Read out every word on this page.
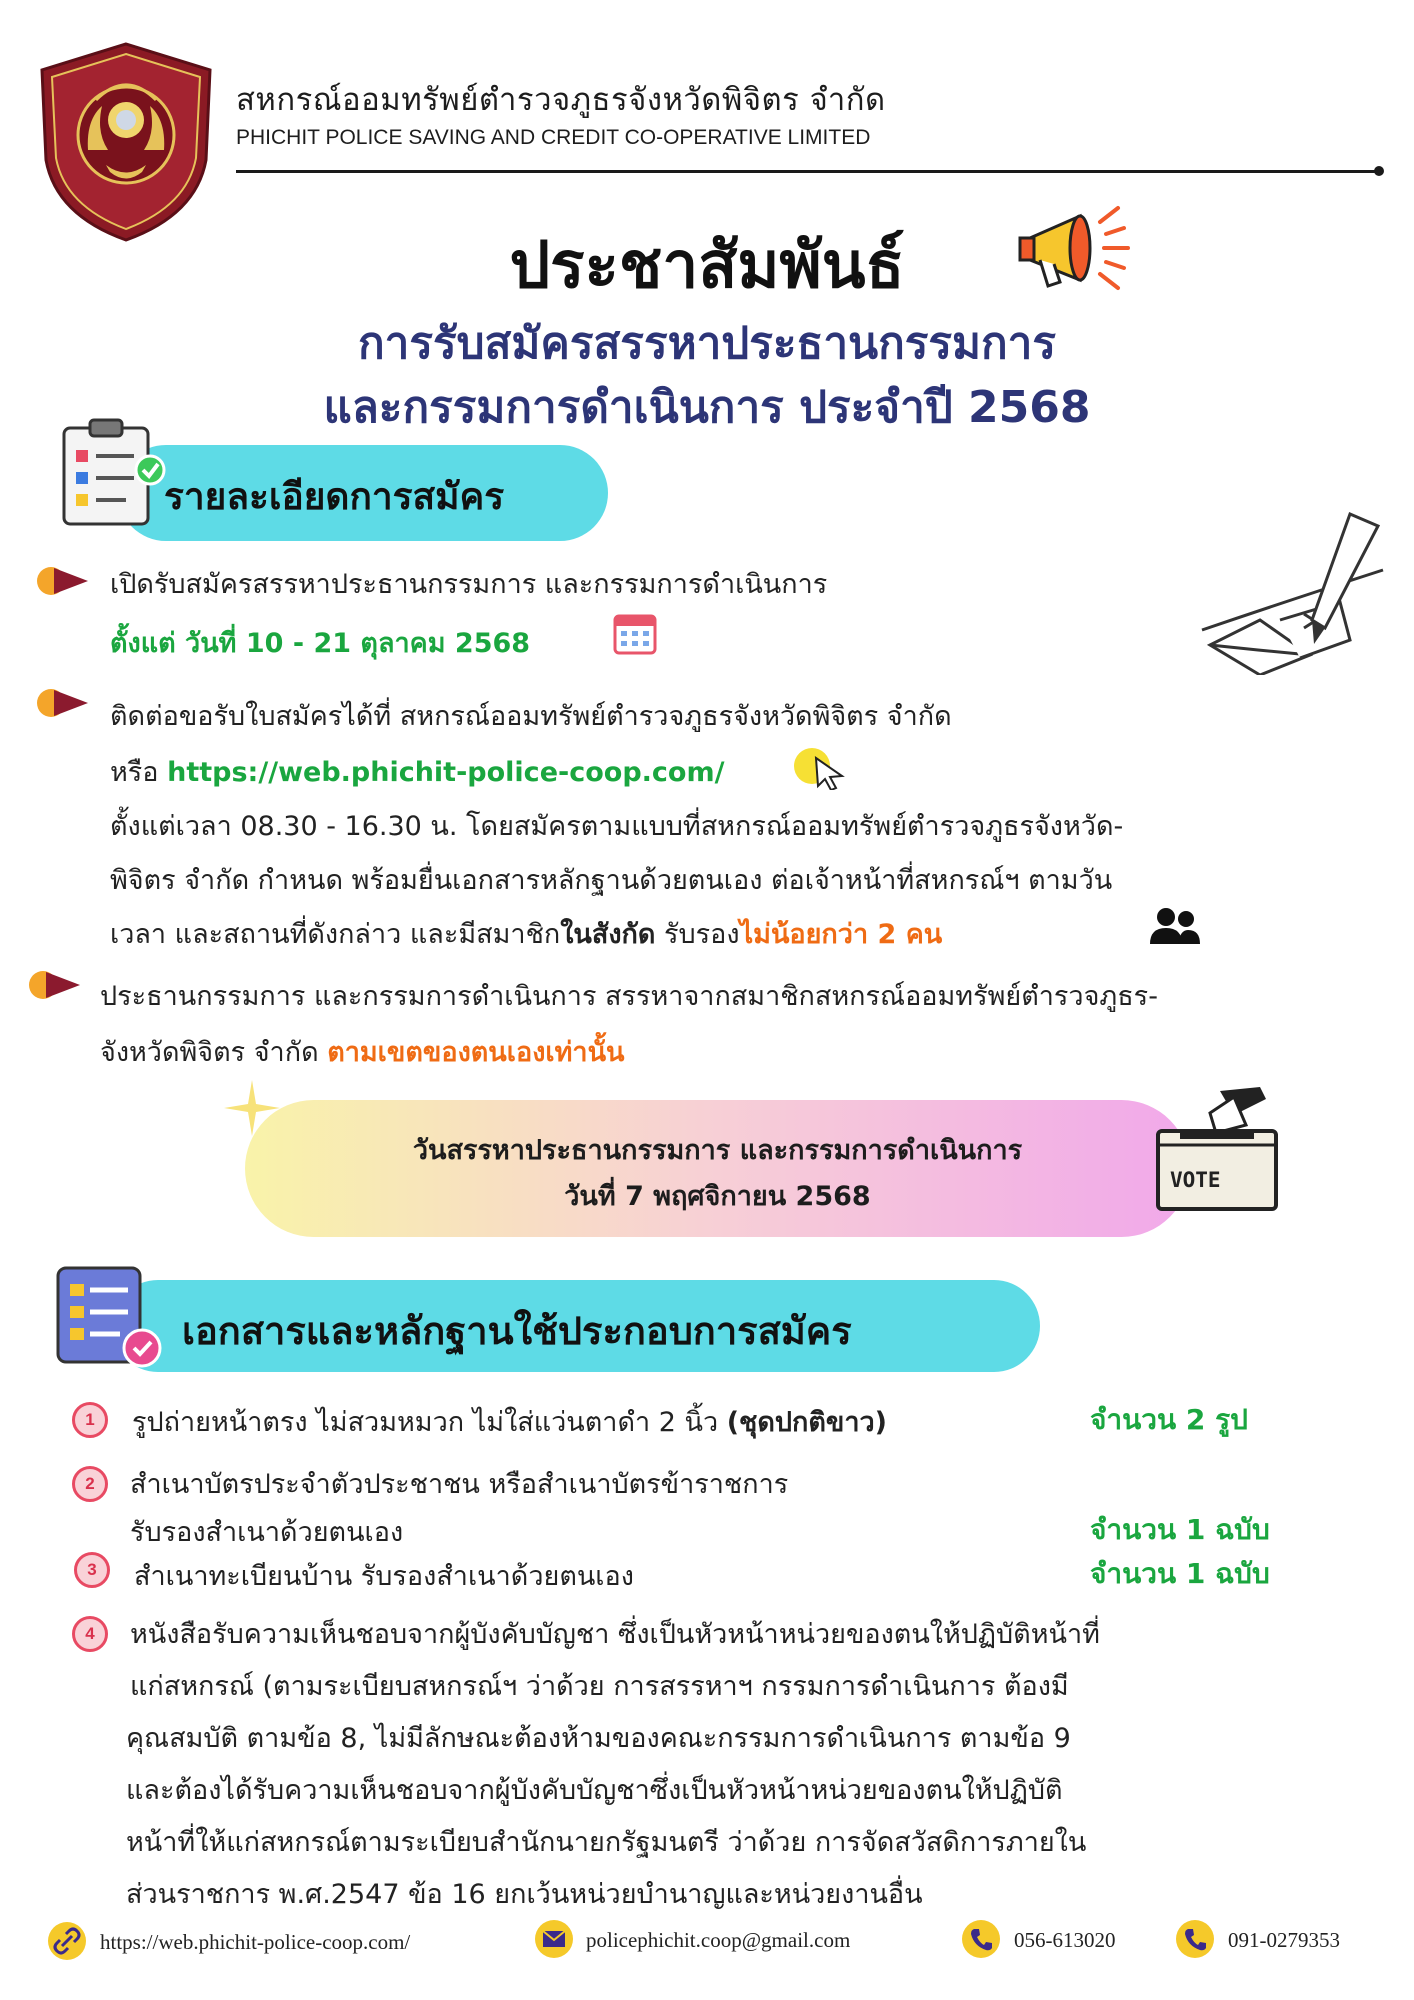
สหกรณ์ออมทรัพย์ตำรวจภูธรจังหวัดพิจิตร จำกัด
PHICHIT POLICE SAVING AND CREDIT CO-OPERATIVE LIMITED
ประชาสัมพันธ์
การรับสมัครสรรหาประธานกรรมการ
และกรรมการดำเนินการ ประจำปี 2568
รายละเอียดการสมัคร
เปิดรับสมัครสรรหาประธานกรรมการ และกรรมการดำเนินการ
ตั้งแต่ วันที่ 10 - 21 ตุลาคม 2568
ติดต่อขอรับใบสมัครได้ที่ สหกรณ์ออมทรัพย์ตำรวจภูธรจังหวัดพิจิตร จำกัด
หรือ https://web.phichit-police-coop.com/
ตั้งแต่เวลา 08.30 - 16.30 น. โดยสมัครตามแบบที่สหกรณ์ออมทรัพย์ตำรวจภูธรจังหวัด-
พิจิตร จำกัด กำหนด พร้อมยื่นเอกสารหลักฐานด้วยตนเอง ต่อเจ้าหน้าที่สหกรณ์ฯ ตามวัน
เวลา และสถานที่ดังกล่าว และมีสมาชิกในสังกัด รับรองไม่น้อยกว่า 2 คน
ประธานกรรมการ และกรรมการดำเนินการ สรรหาจากสมาชิกสหกรณ์ออมทรัพย์ตำรวจภูธร-
จังหวัดพิจิตร จำกัด ตามเขตของตนเองเท่านั้น
วันสรรหาประธานกรรมการ และกรรมการดำเนินการ
วันที่ 7 พฤศจิกายน 2568
VOTE
เอกสารและหลักฐานใช้ประกอบการสมัคร
1	รูปถ่ายหน้าตรง ไม่สวมหมวก ไม่ใส่แว่นตาดำ 2 นิ้ว (ชุดปกติขาว)	จำนวน 2 รูป
2	สำเนาบัตรประจำตัวประชาชน หรือสำเนาบัตรข้าราชการ
รับรองสำเนาด้วยตนเอง	จำนวน 1 ฉบับ
3	สำเนาทะเบียนบ้าน รับรองสำเนาด้วยตนเอง	จำนวน 1 ฉบับ
4	หนังสือรับความเห็นชอบจากผู้บังคับบัญชา ซึ่งเป็นหัวหน้าหน่วยของตนให้ปฏิบัติหน้าที่
แก่สหกรณ์ (ตามระเบียบสหกรณ์ฯ ว่าด้วย การสรรหาฯ กรรมการดำเนินการ ต้องมี
คุณสมบัติ ตามข้อ 8, ไม่มีลักษณะต้องห้ามของคณะกรรมการดำเนินการ ตามข้อ 9
และต้องได้รับความเห็นชอบจากผู้บังคับบัญชาซึ่งเป็นหัวหน้าหน่วยของตนให้ปฏิบัติ
หน้าที่ให้แก่สหกรณ์ตามระเบียบสำนักนายกรัฐมนตรี ว่าด้วย การจัดสวัสดิการภายใน
ส่วนราชการ พ.ศ.2547 ข้อ 16 ยกเว้นหน่วยบำนาญและหน่วยงานอื่น
https://web.phichit-police-coop.com/	policephichit.coop@gmail.com	056-613020	091-0279353
